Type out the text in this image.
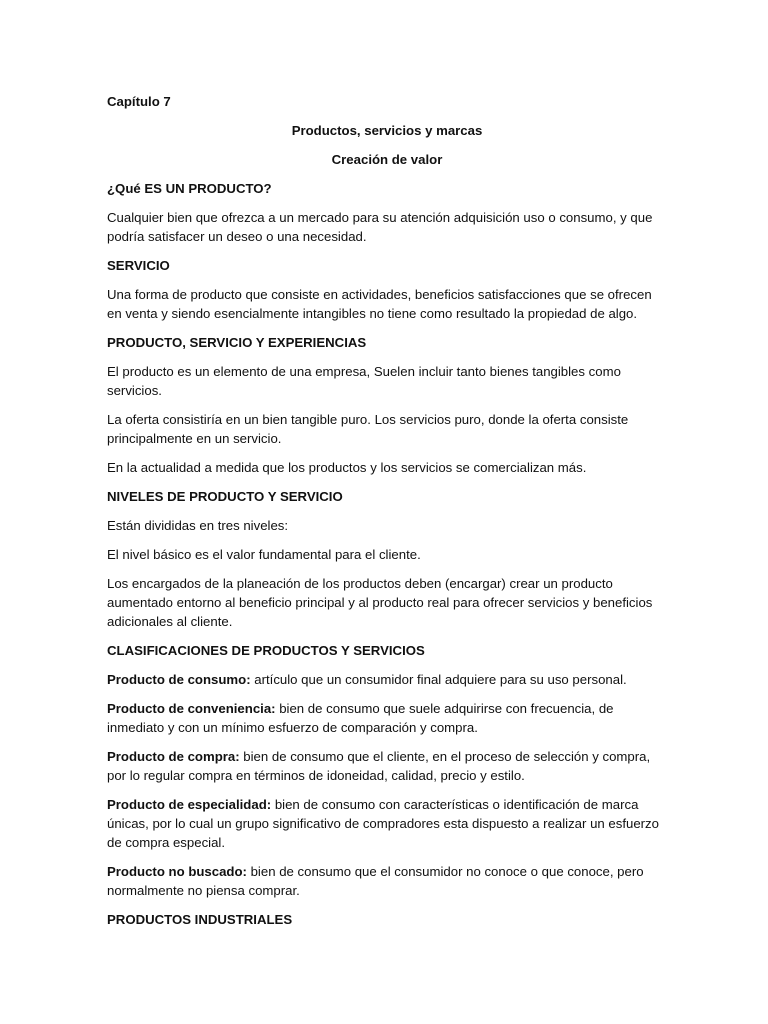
Capítulo 7

Productos, servicios y marcas

Creación de valor

¿Qué ES UN PRODUCTO?

Cualquier bien que ofrezca a un mercado para su atención adquisición uso o consumo, y que podría satisfacer un deseo o una necesidad.

SERVICIO

Una forma de producto que consiste en actividades, beneficios satisfacciones que se ofrecen en venta y siendo esencialmente intangibles no tiene como resultado la propiedad de algo.

PRODUCTO, SERVICIO Y EXPERIENCIAS

El producto es un elemento de una empresa, Suelen incluir tanto bienes tangibles como servicios.

La oferta consistiría en un bien tangible puro. Los servicios puro, donde la oferta consiste principalmente en un servicio.

En la actualidad a medida que los productos y los servicios se comercializan más.

NIVELES DE PRODUCTO Y SERVICIO

Están divididas en tres niveles:

El nivel básico es el valor fundamental para el cliente.

Los encargados de la planeación de los productos deben (encargar) crear un producto aumentado entorno al beneficio principal y al producto real para ofrecer servicios y beneficios adicionales al cliente.

CLASIFICACIONES DE PRODUCTOS Y SERVICIOS

Producto de consumo: artículo que un consumidor final adquiere para su uso personal.

Producto de conveniencia: bien de consumo que suele adquirirse con frecuencia, de inmediato y con un mínimo esfuerzo de comparación y compra.

Producto de compra: bien de consumo que el cliente, en el proceso de selección y compra, por lo regular compra en términos de idoneidad, calidad, precio y estilo.

Producto de especialidad: bien de consumo con características o identificación de marca únicas, por lo cual un grupo significativo de compradores esta dispuesto a realizar un esfuerzo de compra especial.

Producto no buscado: bien de consumo que el consumidor no conoce o que conoce, pero normalmente no piensa comprar.

PRODUCTOS INDUSTRIALES
